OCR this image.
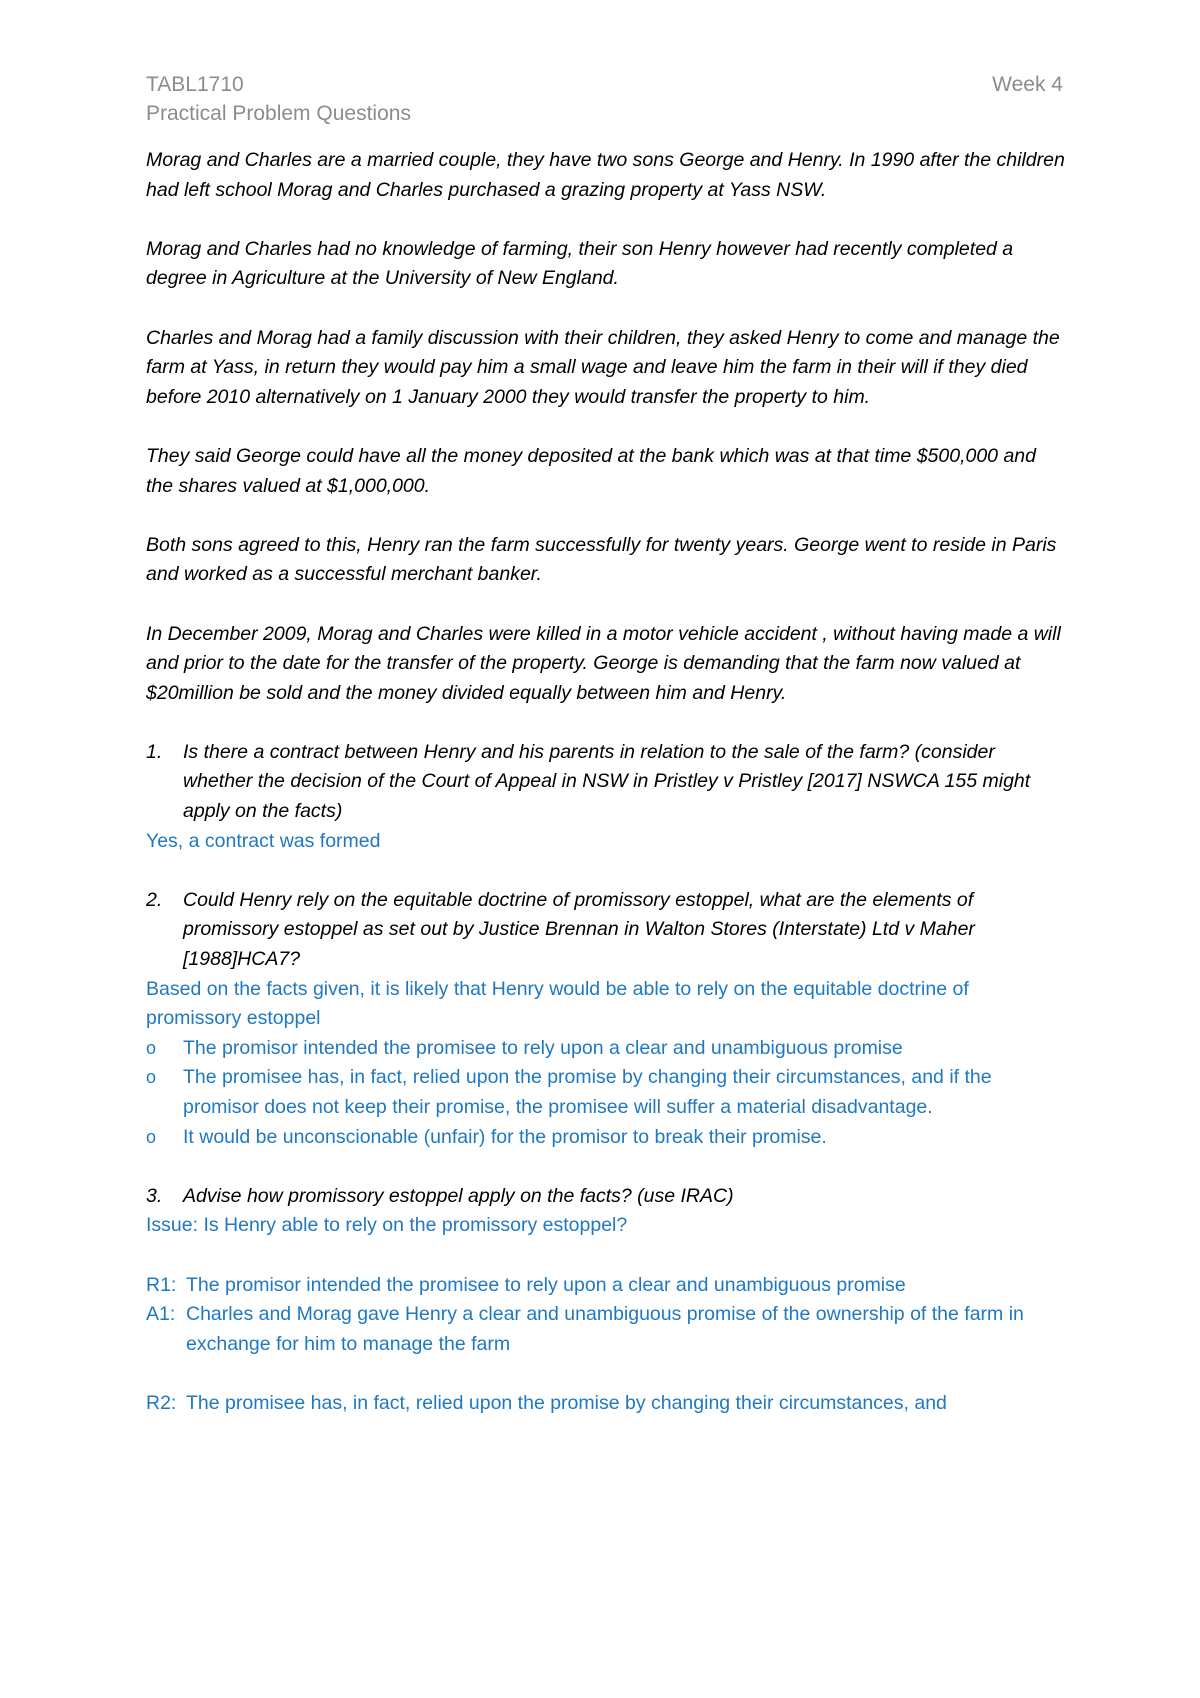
TABL1710	Week 4
Practical Problem Questions

Morag and Charles are a married couple, they have two sons George and Henry. In 1990 after the children had left school Morag and Charles purchased a grazing property at Yass NSW.

Morag and Charles had no knowledge of farming, their son Henry however had recently completed a degree in Agriculture at the University of New England.

Charles and Morag had a family discussion with their children, they asked Henry to come and manage the farm at Yass, in return they would pay him a small wage and leave him the farm in their will if they died before 2010 alternatively on 1 January 2000 they would transfer the property to him.

They said George could have all the money deposited at the bank which was at that time $500,000 and the shares valued at $1,000,000.

Both sons agreed to this, Henry ran the farm successfully for twenty years. George went to reside in Paris and worked as a successful merchant banker.

In December 2009, Morag and Charles were killed in a motor vehicle accident , without having made a will and prior to the date for the transfer of the property. George is demanding that the farm now valued at $20million be sold and the money divided equally between him and Henry.

1.	Is there a contract between Henry and his parents in relation to the sale of the farm? (consider whether the decision of the Court of Appeal in NSW in Pristley v Pristley [2017] NSWCA 155 might apply on the facts)
Yes, a contract was formed
2.	Could Henry rely on the equitable doctrine of promissory estoppel, what are the elements of promissory estoppel as set out by Justice Brennan in Walton Stores (Interstate) Ltd v Maher [1988]HCA7?
Based on the facts given, it is likely that Henry would be able to rely on the equitable doctrine of promissory estoppel
o	The promisor intended the promisee to rely upon a clear and unambiguous promise
o	The promisee has, in fact, relied upon the promise by changing their circumstances, and if the promisor does not keep their promise, the promisee will suffer a material disadvantage.
o	It would be unconscionable (unfair) for the promisor to break their promise.
3.	Advise how promissory estoppel apply on the facts? (use IRAC)
Issue: Is Henry able to rely on the promissory estoppel?
R1: The promisor intended the promisee to rely upon a clear and unambiguous promise
A1: Charles and Morag gave Henry a clear and unambiguous promise of the ownership of the farm in exchange for him to manage the farm
R2: The promisee has, in fact, relied upon the promise by changing their circumstances, and
